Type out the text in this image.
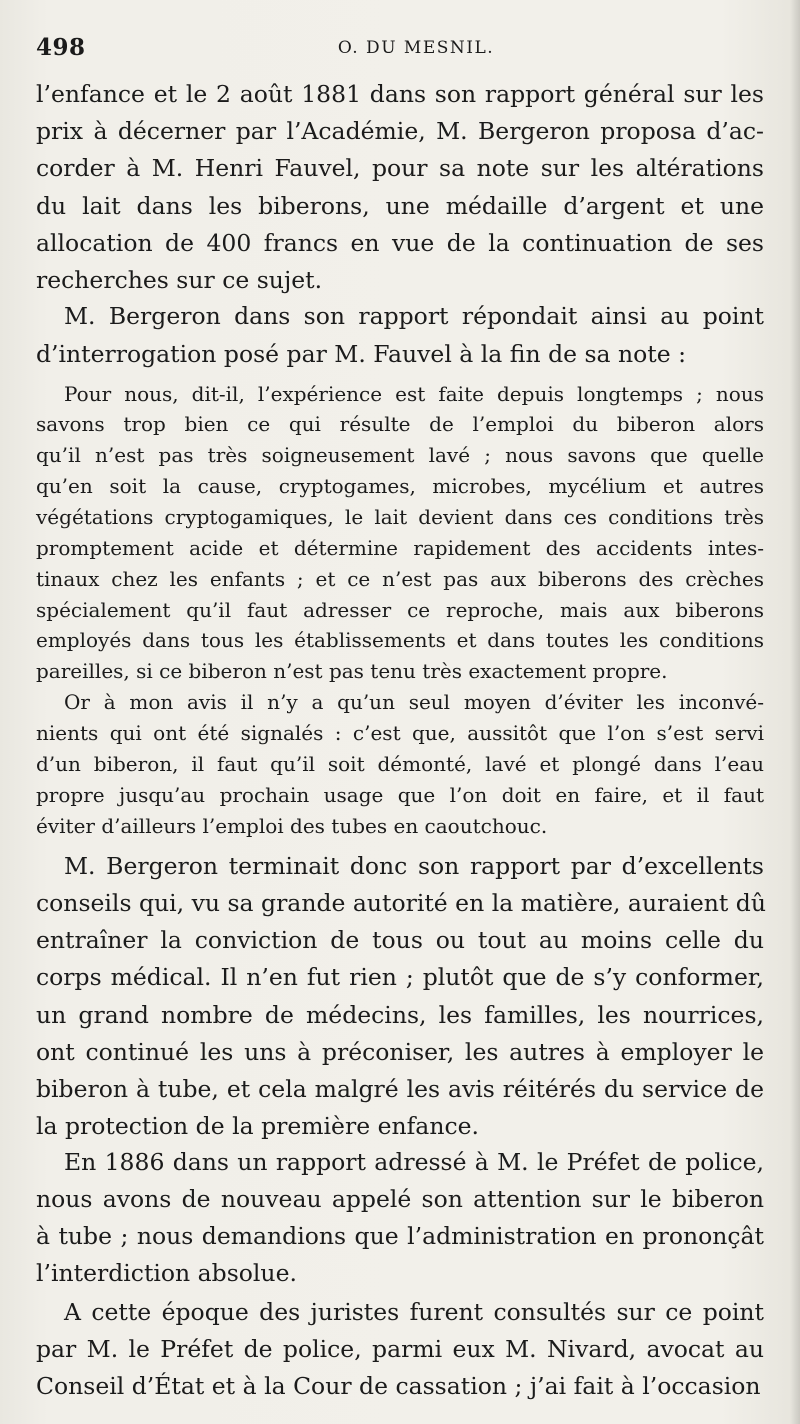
498	O. DU MESNIL.
l’enfance et le 2 août 1881 dans son rapport général sur les
prix à décerner par l’Académie, M. Bergeron proposa d’ac-
corder à M. Henri Fauvel, pour sa note sur les altérations
du lait dans les biberons, une médaille d’argent et une
allocation de 400 francs en vue de la continuation de ses
recherches sur ce sujet.
M. Bergeron dans son rapport répondait ainsi au point
d’interrogation posé par M. Fauvel à la fin de sa note :
Pour nous, dit-il, l’expérience est faite depuis longtemps ; nous
savons trop bien ce qui résulte de l’emploi du biberon alors
qu’il n’est pas très soigneusement lavé ; nous savons que quelle
qu’en soit la cause, cryptogames, microbes, mycélium et autres
végétations cryptogamiques, le lait devient dans ces conditions très
promptement acide et détermine rapidement des accidents intes-
tinaux chez les enfants ; et ce n’est pas aux biberons des crèches
spécialement qu’il faut adresser ce reproche, mais aux biberons
employés dans tous les établissements et dans toutes les conditions
pareilles, si ce biberon n’est pas tenu très exactement propre.
Or à mon avis il n’y a qu’un seul moyen d’éviter les inconvé-
nients qui ont été signalés : c’est que, aussitôt que l’on s’est servi
d’un biberon, il faut qu’il soit démonté, lavé et plongé dans l’eau
propre jusqu’au prochain usage que l’on doit en faire, et il faut
éviter d’ailleurs l’emploi des tubes en caoutchouc.
M. Bergeron terminait donc son rapport par d’excellents
conseils qui, vu sa grande autorité en la matière, auraient dû
entraîner la conviction de tous ou tout au moins celle du
corps médical. Il n’en fut rien ; plutôt que de s’y conformer,
un grand nombre de médecins, les familles, les nourrices,
ont continué les uns à préconiser, les autres à employer le
biberon à tube, et cela malgré les avis réitérés du service de
la protection de la première enfance.
En 1886 dans un rapport adressé à M. le Préfet de police,
nous avons de nouveau appelé son attention sur le biberon
à tube ; nous demandions que l’administration en prononçât
l’interdiction absolue.
A cette époque des juristes furent consultés sur ce point
par M. le Préfet de police, parmi eux M. Nivard, avocat au
Conseil d’État et à la Cour de cassation ; j’ai fait à l’occasion
